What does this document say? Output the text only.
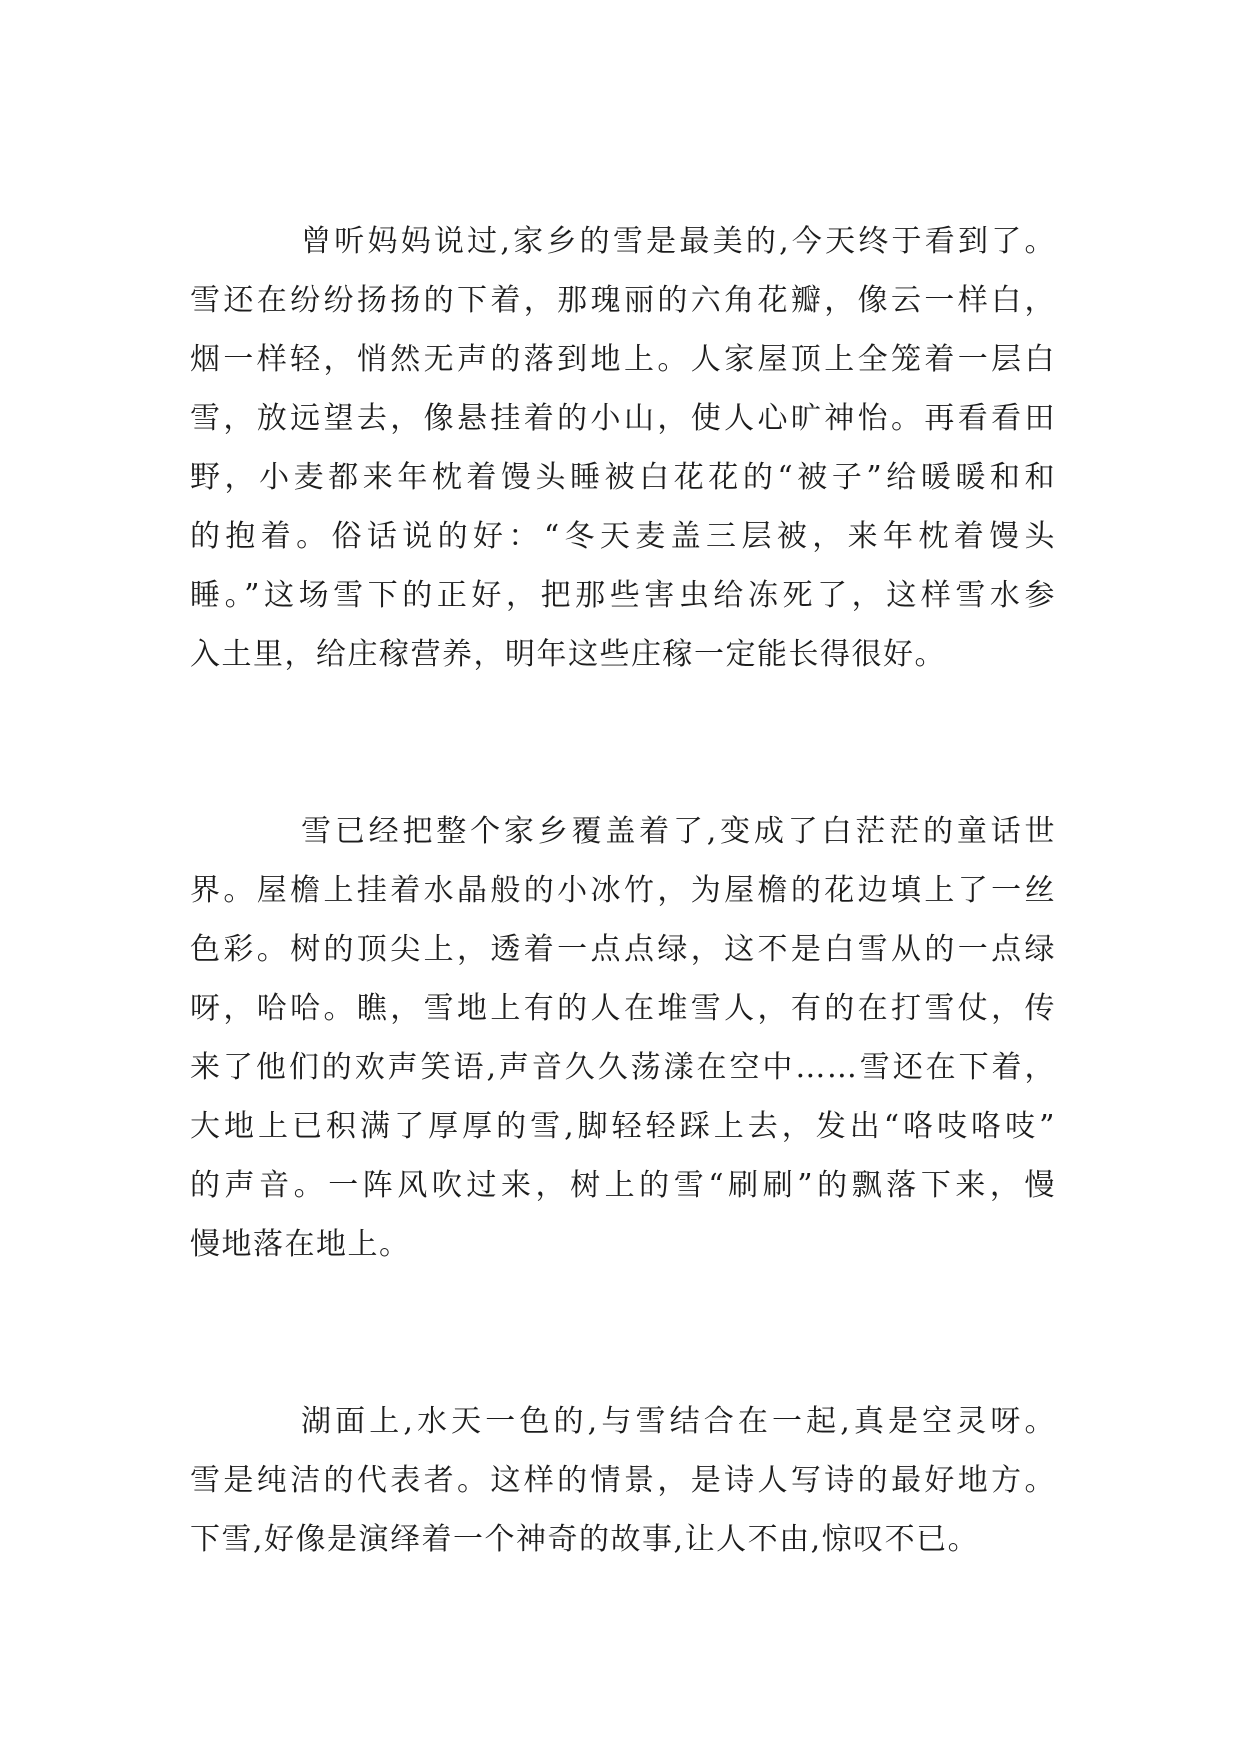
曾听妈妈说过,家乡的雪是最美的,今天终于看到了。
雪还在纷纷扬扬的下着，那瑰丽的六角花瓣，像云一样白，
烟一样轻，悄然无声的落到地上。人家屋顶上全笼着一层白
雪，放远望去，像悬挂着的小山，使人心旷神怡。再看看田
野，小麦都来年枕着馒头睡被白花花的“被子”给暖暖和和
的抱着。俗话说的好：“冬天麦盖三层被，来年枕着馒头
睡。”这场雪下的正好，把那些害虫给冻死了，这样雪水参
入土里，给庄稼营养，明年这些庄稼一定能长得很好。
雪已经把整个家乡覆盖着了,变成了白茫茫的童话世
界。屋檐上挂着水晶般的小冰竹，为屋檐的花边填上了一丝
色彩。树的顶尖上，透着一点点绿，这不是白雪从的一点绿
呀，哈哈。瞧，雪地上有的人在堆雪人，有的在打雪仗，传
来了他们的欢声笑语,声音久久荡漾在空中……雪还在下着，
大地上已积满了厚厚的雪,脚轻轻踩上去，发出“咯吱咯吱”
的声音。一阵风吹过来，树上的雪“刷刷”的飘落下来，慢
慢地落在地上。
湖面上,水天一色的,与雪结合在一起,真是空灵呀。
雪是纯洁的代表者。这样的情景，是诗人写诗的最好地方。
下雪,好像是演绎着一个神奇的故事,让人不由,惊叹不已。
